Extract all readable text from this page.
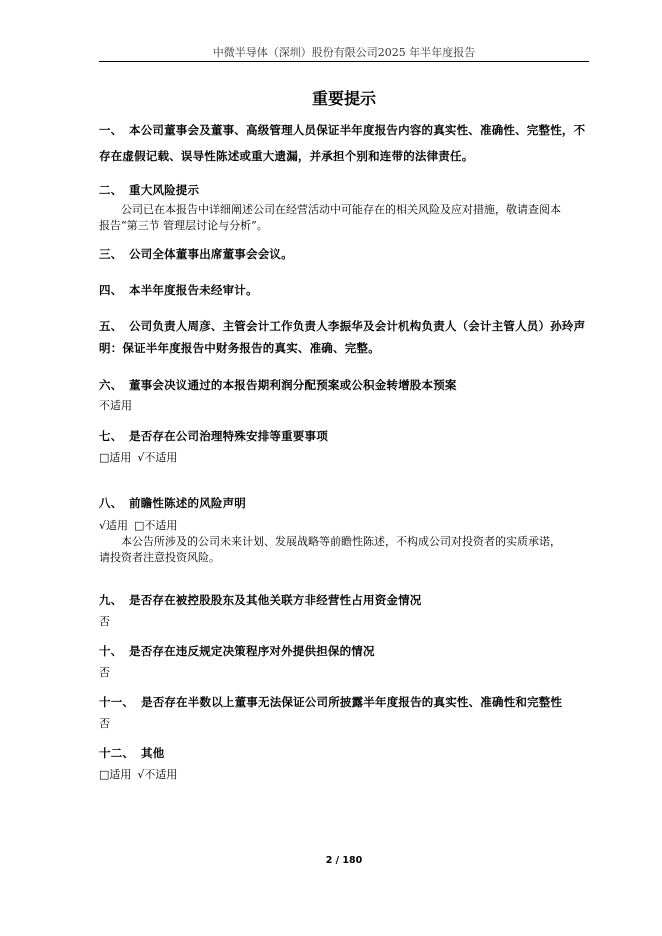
中微半导体（深圳）股份有限公司2025 年半年度报告
重要提示
一、 本公司董事会及董事、高级管理人员保证半年度报告内容的真实性、准确性、完整性，不
存在虚假记载、误导性陈述或重大遗漏，并承担个别和连带的法律责任。
二、 重大风险提示
公司已在本报告中详细阐述公司在经营活动中可能存在的相关风险及应对措施，敬请查阅本
报告“第三节 管理层讨论与分析”。
三、 公司全体董事出席董事会会议。
四、 本半年度报告未经审计。
五、 公司负责人周彦、主管会计工作负责人李振华及会计机构负责人（会计主管人员）孙玲声
明：保证半年度报告中财务报告的真实、准确、完整。
六、 董事会决议通过的本报告期利润分配预案或公积金转增股本预案
不适用
七、 是否存在公司治理特殊安排等重要事项
□适用 √不适用
八、 前瞻性陈述的风险声明
√适用 □不适用
本公告所涉及的公司未来计划、发展战略等前瞻性陈述，不构成公司对投资者的实质承诺，
请投资者注意投资风险。
九、 是否存在被控股股东及其他关联方非经营性占用资金情况
否
十、 是否存在违反规定决策程序对外提供担保的情况
否
十一、 是否存在半数以上董事无法保证公司所披露半年度报告的真实性、准确性和完整性
否
十二、 其他
□适用 √不适用
2 / 180
